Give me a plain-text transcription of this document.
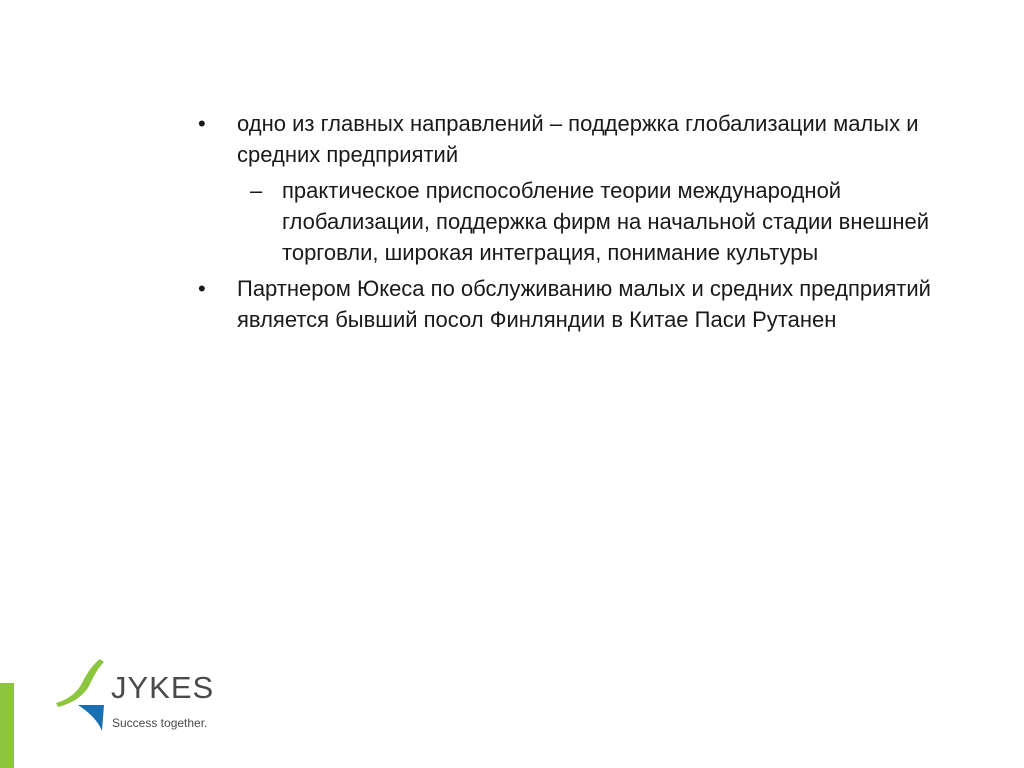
• одно из главных направлений – поддержка глобализации малых и средних предприятий
– практическое приспособление теории международной глобализации, поддержка фирм на начальной стадии внешней торговли, широкая интеграция, понимание культуры
• Партнером Юкеса по обслуживанию малых и средних предприятий является бывший посол Финляндии в Китае Паси Рутанен
JYKES
Success together.
